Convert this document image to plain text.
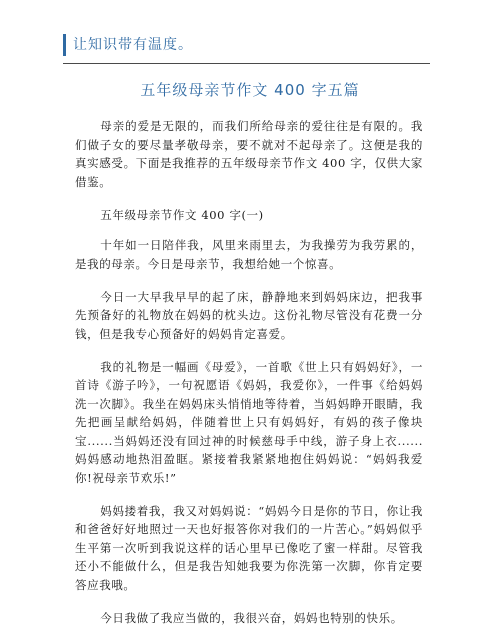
让知识带有温度。
五年级母亲节作文 400 字五篇

母亲的爱是无限的，而我们所给母亲的爱往往是有限的。我们做子女的要尽量孝敬母亲，要不就对不起母亲了。这便是我的真实感受。下面是我推荐的五年级母亲节作文 400 字，仅供大家借鉴。

五年级母亲节作文 400 字(一)

十年如一日陪伴我，风里来雨里去，为我操劳为我劳累的，是我的母亲。今日是母亲节，我想给她一个惊喜。

今日一大早我早早的起了床，静静地来到妈妈床边，把我事先预备好的礼物放在妈妈的枕头边。这份礼物尽管没有花费一分钱，但是我专心预备好的妈妈肯定喜爱。

我的礼物是一幅画《母爱》，一首歌《世上只有妈妈好》，一首诗《游子吟》，一句祝愿语《妈妈，我爱你》，一件事《给妈妈洗一次脚》。我坐在妈妈床头悄悄地等待着，当妈妈睁开眼睛，我先把画呈献给妈妈，伴随着世上只有妈妈好，有妈的孩子像块宝......当妈妈还没有回过神的时候慈母手中线，游子身上衣......妈妈感动地热泪盈眶。紧接着我紧紧地抱住妈妈说：“妈妈我爱你!祝母亲节欢乐!”

妈妈搂着我，我又对妈妈说：“妈妈今日是你的节日，你让我和爸爸好好地照过一天也好报答你对我们的一片苦心。”妈妈似乎生平第一次听到我说这样的话心里早已像吃了蜜一样甜。尽管我还小不能做什么，但是我告知她我要为你洗第一次脚，你肯定要答应我哦。

今日我做了我应当做的，我很兴奋，妈妈也特别的快乐。
